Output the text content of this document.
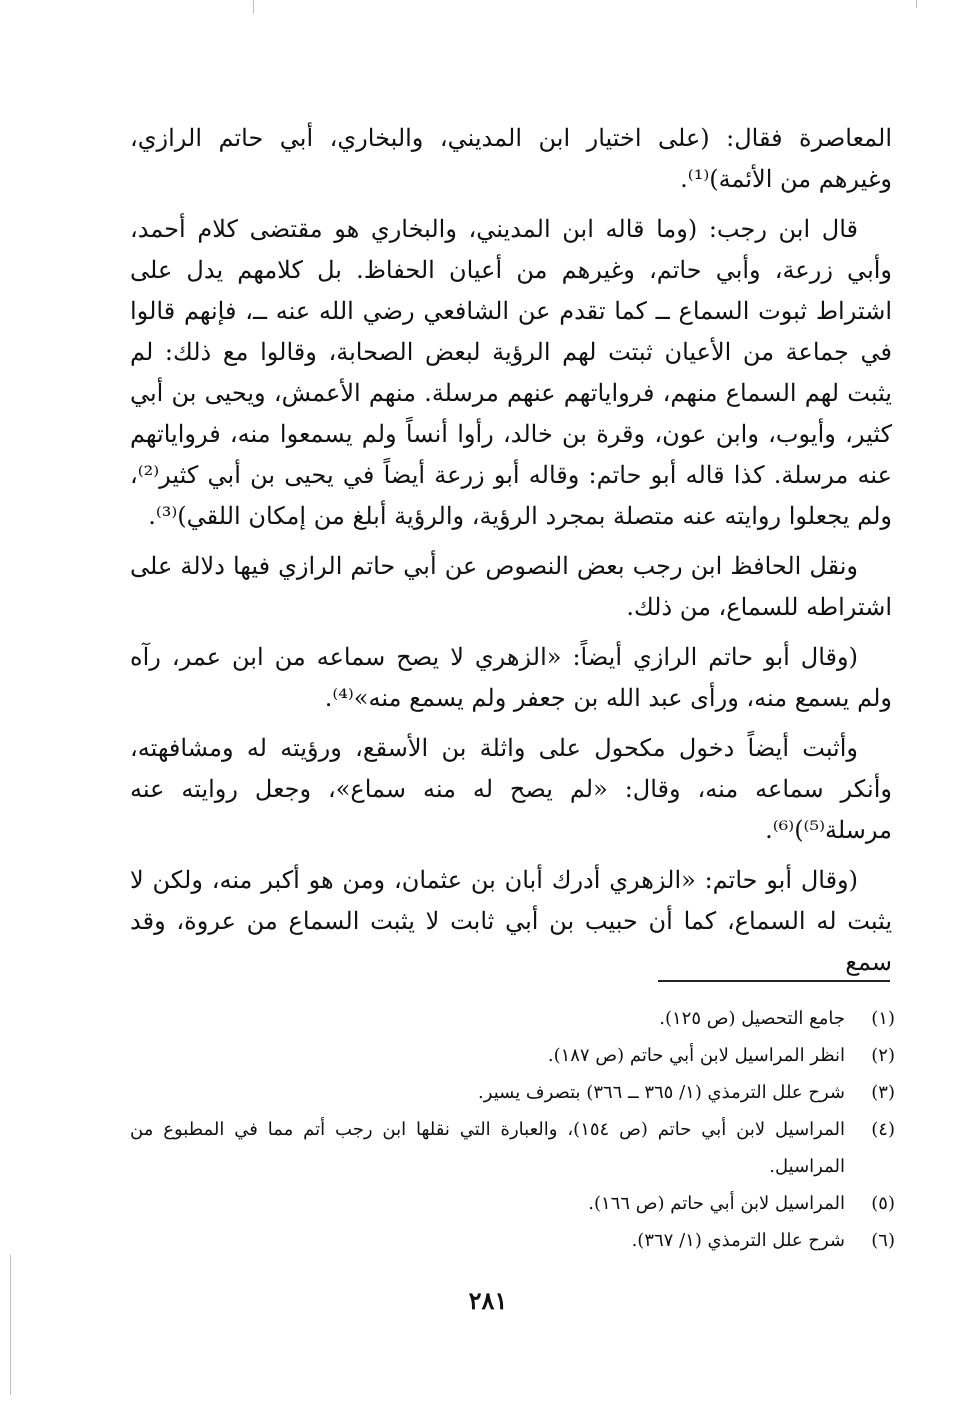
المعاصرة فقال: (على اختيار ابن المديني، والبخاري، أبي حاتم الرازي، وغيرهم من الأئمة)⁽¹⁾.

قال ابن رجب: (وما قاله ابن المديني، والبخاري هو مقتضى كلام أحمد، وأبي زرعة، وأبي حاتم، وغيرهم من أعيان الحفاظ. بل كلامهم يدل على اشتراط ثبوت السماع ــ كما تقدم عن الشافعي رضي الله عنه ــ، فإنهم قالوا في جماعة من الأعيان ثبتت لهم الرؤية لبعض الصحابة، وقالوا مع ذلك: لم يثبت لهم السماع منهم، فرواياتهم عنهم مرسلة. منهم الأعمش، ويحيى بن أبي كثير، وأيوب، وابن عون، وقرة بن خالد، رأوا أنساً ولم يسمعوا منه، فرواياتهم عنه مرسلة. كذا قاله أبو حاتم: وقاله أبو زرعة أيضاً في يحيى بن أبي كثير⁽²⁾، ولم يجعلوا روايته عنه متصلة بمجرد الرؤية، والرؤية أبلغ من إمكان اللقي)⁽³⁾.

ونقل الحافظ ابن رجب بعض النصوص عن أبي حاتم الرازي فيها دلالة على اشتراطه للسماع، من ذلك.

(وقال أبو حاتم الرازي أيضاً: «الزهري لا يصح سماعه من ابن عمر، رآه ولم يسمع منه، ورأى عبد الله بن جعفر ولم يسمع منه»⁽⁴⁾.

وأثبت أيضاً دخول مكحول على واثلة بن الأسقع، ورؤيته له ومشافهته، وأنكر سماعه منه، وقال: «لم يصح له منه سماع»، وجعل روايته عنه مرسلة⁽⁵⁾)⁽⁶⁾.

(وقال أبو حاتم: «الزهري أدرك أبان بن عثمان، ومن هو أكبر منه، ولكن لا يثبت له السماع، كما أن حبيب بن أبي ثابت لا يثبت السماع من عروة، وقد سمع

(١)
جامع التحصيل (ص ١٢٥).
(٢)
انظر المراسيل لابن أبي حاتم (ص ١٨٧).
(٣)
شرح علل الترمذي (١/ ٣٦٥ ــ ٣٦٦) بتصرف يسير.
(٤)
المراسيل لابن أبي حاتم (ص ١٥٤)، والعبارة التي نقلها ابن رجب أتم مما في المطبوع من المراسيل.
(٥)
المراسيل لابن أبي حاتم (ص ١٦٦).
(٦)
شرح علل الترمذي (١/ ٣٦٧).
٢٨١
